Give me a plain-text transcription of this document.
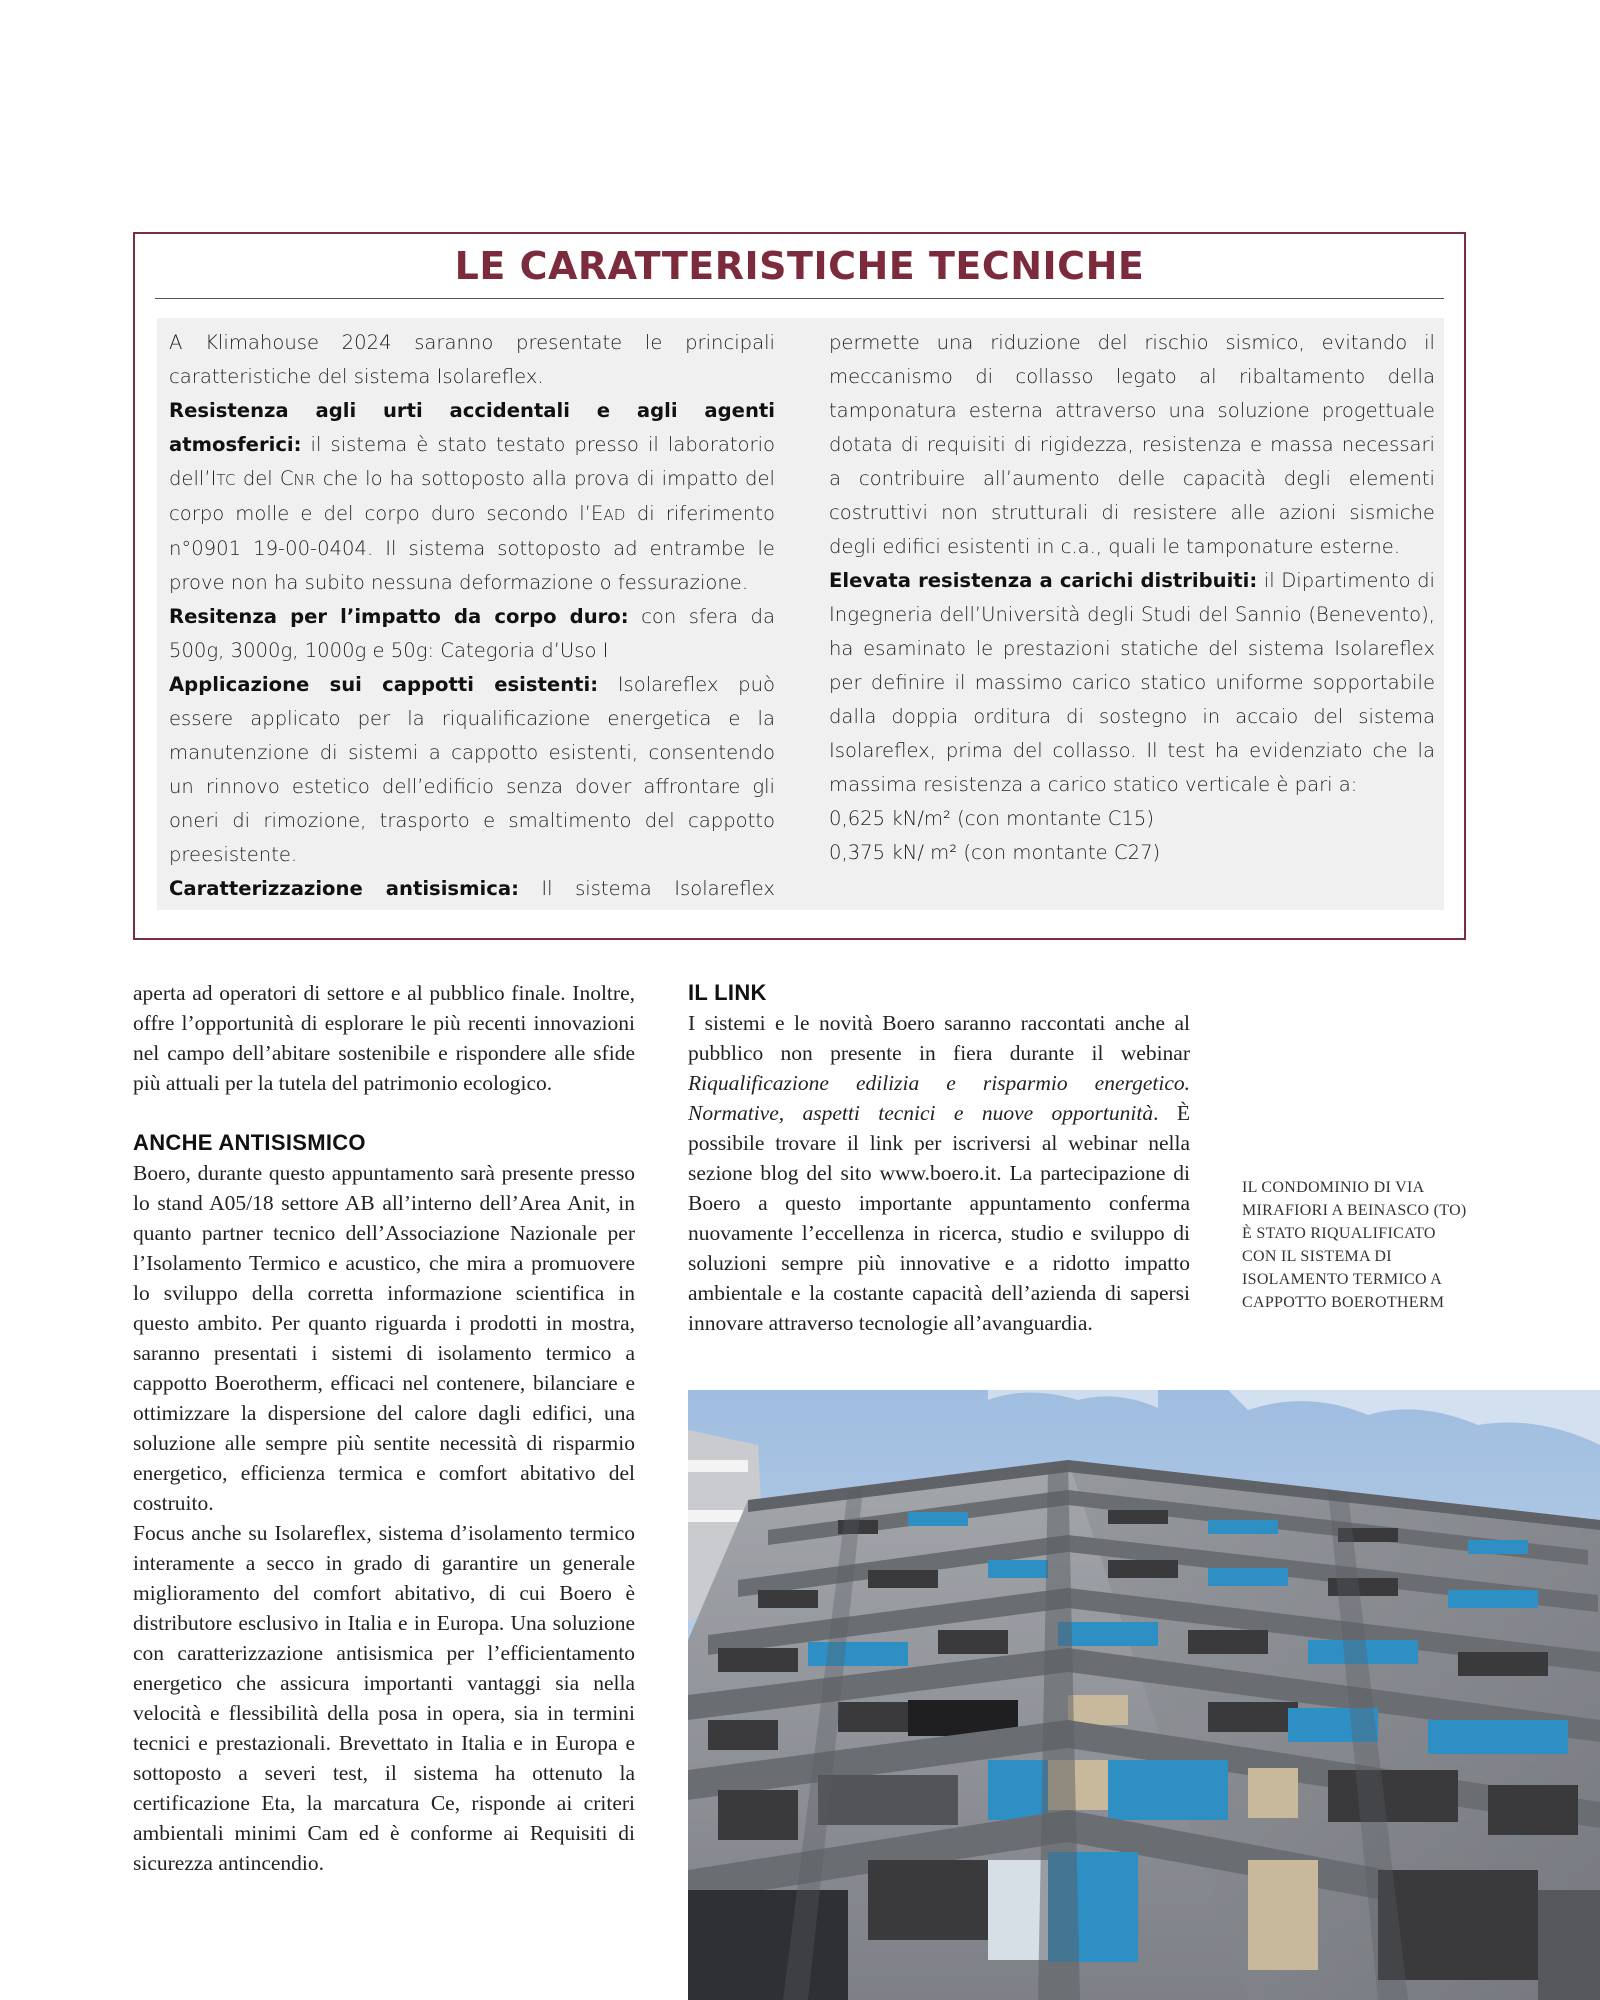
LE CARATTERISTICHE TECNICHE

A Klimahouse 2024 saranno presentate le principali caratteristiche del sistema Isolareflex.

Resistenza agli urti accidentali e agli agenti atmosferici: il sistema è stato testato presso il laboratorio dell’ITC del CNR che lo ha sottoposto alla prova di impatto del corpo molle e del corpo duro secondo l’EAD di riferimento n°0901 19-00-0404. Il sistema sottoposto ad entrambe le prove non ha subito nessuna deformazione o fessurazione.

Resitenza per l’impatto da corpo duro: con sfera da 500g, 3000g, 1000g e 50g: Categoria d’Uso I

Applicazione sui cappotti esistenti: Isolareflex può essere applicato per la riqualificazione energetica e la manutenzione di sistemi a cappotto esistenti, consentendo un rinnovo estetico dell’edificio senza dover affrontare gli oneri di rimozione, trasporto e smaltimento del cappotto preesistente.

Caratterizzazione antisismica: Il sistema Isolareflex

permette una riduzione del rischio sismico, evitando il meccanismo di collasso legato al ribaltamento della tamponatura esterna attraverso una soluzione progettuale dotata di requisiti di rigidezza, resistenza e massa necessari a contribuire all’aumento delle capacità degli elementi costruttivi non strutturali di resistere alle azioni sismiche degli edifici esistenti in c.a., quali le tamponature esterne.

Elevata resistenza a carichi distribuiti: il Dipartimento di Ingegneria dell’Università degli Studi del Sannio (Benevento), ha esaminato le prestazioni statiche del sistema Isolareflex per definire il massimo carico statico uniforme sopportabile dalla doppia orditura di sostegno in accaio del sistema Isolareflex, prima del collasso. Il test ha evidenziato che la massima resistenza a carico statico verticale è pari a:

0,625 kN/m² (con montante C15)

0,375 kN/ m² (con montante C27)

aperta ad operatori di settore e al pubblico finale. Inoltre, offre l’opportunità di esplorare le più recenti innovazioni nel campo dell’abitare sostenibile e rispondere alle sfide più attuali per la tutela del patrimonio ecologico.

ANCHE ANTISISMICO

Boero, durante questo appuntamento sarà presente presso lo stand A05/18 settore AB all’interno dell’Area Anit, in quanto partner tecnico dell’Associazione Nazionale per l’Isolamento Termico e acustico, che mira a promuovere lo sviluppo della corretta informazione scientifica in questo ambito. Per quanto riguarda i prodotti in mostra, saranno presentati i sistemi di isolamento termico a cappotto Boerotherm, efficaci nel contenere, bilanciare e ottimizzare la dispersione del calore dagli edifici, una soluzione alle sempre più sentite necessità di risparmio energetico, efficienza termica e comfort abitativo del costruito.

Focus anche su Isolareflex, sistema d’isolamento termico interamente a secco in grado di garantire un generale miglioramento del comfort abitativo, di cui Boero è distributore esclusivo in Italia e in Europa. Una soluzione con caratterizzazione antisismica per l’efficientamento energetico che assicura importanti vantaggi sia nella velocità e flessibilità della posa in opera, sia in termini tecnici e prestazionali. Brevettato in Italia e in Europa e sottoposto a severi test, il sistema ha ottenuto la certificazione Eta, la marcatura Ce, risponde ai criteri ambientali minimi Cam ed è conforme ai Requisiti di sicurezza antincendio.

IL LINK

I sistemi e le novità Boero saranno raccontati anche al pubblico non presente in fiera durante il webinar Riqualificazione edilizia e risparmio energetico. Normative, aspetti tecnici e nuove opportunità. È possibile trovare il link per iscriversi al webinar nella sezione blog del sito www.boero.it. La partecipazione di Boero a questo importante appuntamento conferma nuovamente l’eccellenza in ricerca, studio e sviluppo di soluzioni sempre più innovative e a ridotto impatto ambientale e la costante capacità dell’azienda di sapersi innovare attraverso tecnologie all’avanguardia.

IL CONDOMINIO DI VIA MIRAFIORI A BEINASCO (TO) È STATO RIQUALIFICATO CON IL SISTEMA DI ISOLAMENTO TERMICO A CAPPOTTO BOEROTHERM
